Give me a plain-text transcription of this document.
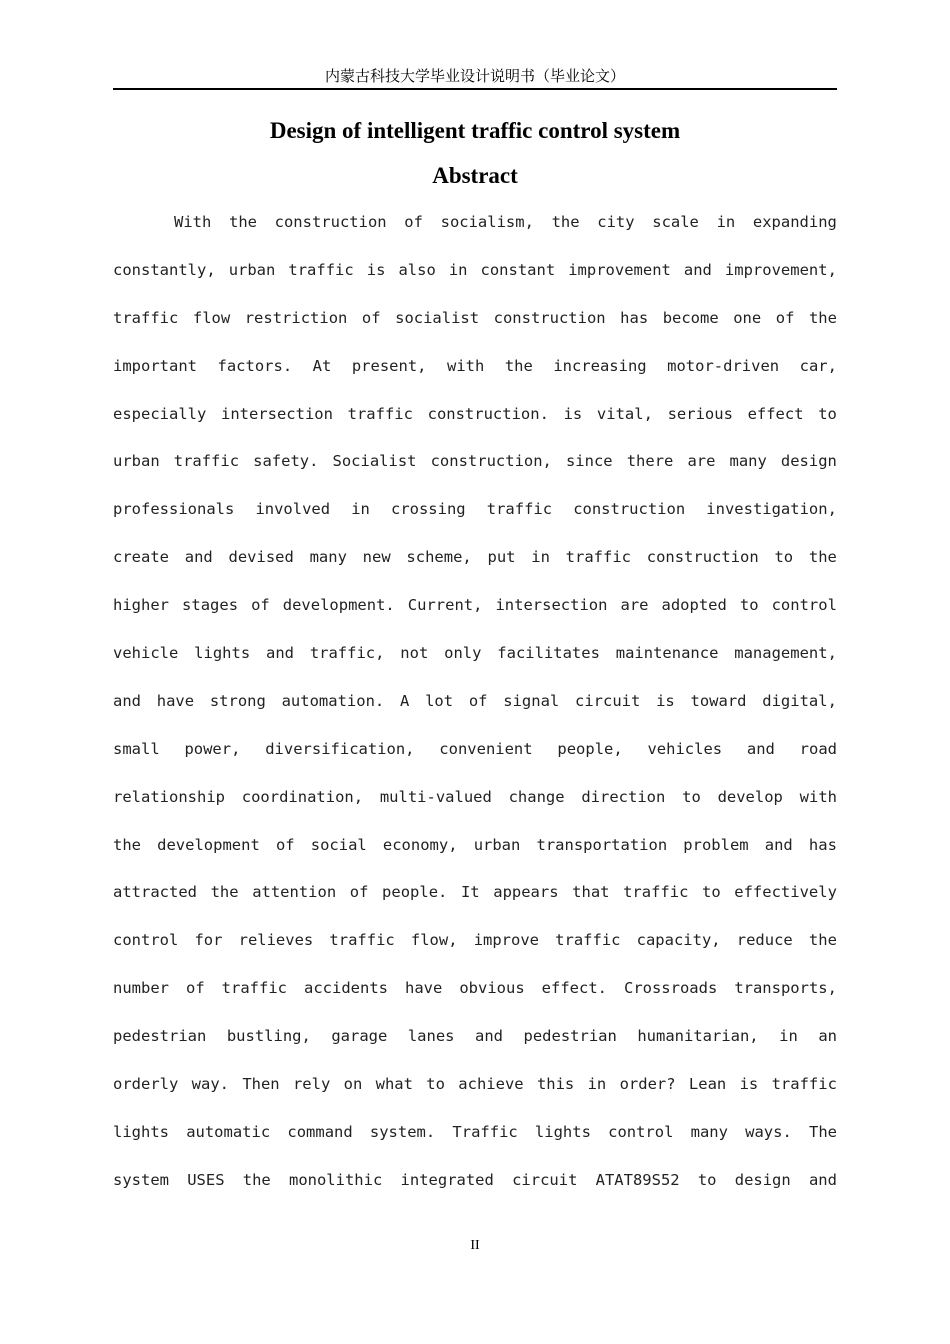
内蒙古科技大学毕业设计说明书（毕业论文）
Design of intelligent traffic control system
Abstract
With the construction of socialism, the city scale in expanding
constantly, urban traffic is also in constant improvement and improvement,
traffic flow restriction of socialist construction has become one of the
important factors. At present, with the increasing motor-driven car,
especially intersection traffic construction. is vital, serious effect to
urban traffic safety. Socialist construction, since there are many design
professionals involved in crossing traffic construction investigation,
create and devised many new scheme, put in traffic construction to the
higher stages of development. Current, intersection are adopted to control
vehicle lights and traffic, not only facilitates maintenance management,
and have strong automation. A lot of signal circuit is toward digital,
small power, diversification, convenient people, vehicles and road
relationship coordination, multi-valued change direction to develop with
the development of social economy, urban transportation problem and has
attracted the attention of people. It appears that traffic to effectively
control for relieves traffic flow, improve traffic capacity, reduce the
number of traffic accidents have obvious effect. Crossroads transports,
pedestrian bustling, garage lanes and pedestrian humanitarian, in an
orderly way. Then rely on what to achieve this in order? Lean is traffic
lights automatic command system. Traffic lights control many ways. The
system USES the monolithic integrated circuit ATAT89S52 to design and
II
